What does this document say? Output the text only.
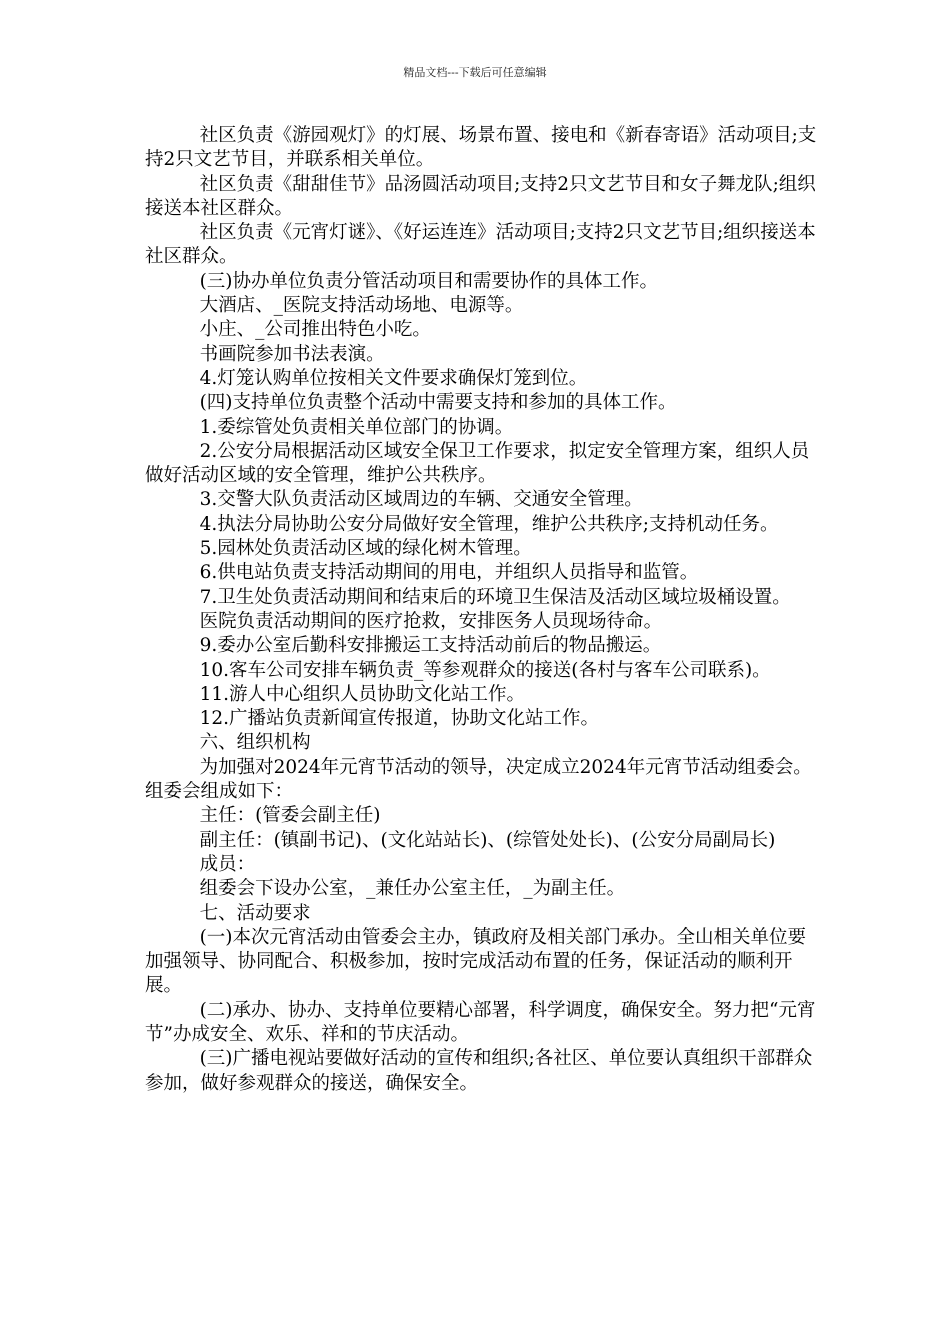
精品文档---下载后可任意编辑

社区负责《游园观灯》的灯展、场景布置、接电和《新春寄语》活动项目;支持2只文艺节目，并联系相关单位。

社区负责《甜甜佳节》品汤圆活动项目;支持2只文艺节目和女子舞龙队;组织接送本社区群众。

社区负责《元宵灯谜》、《好运连连》活动项目;支持2只文艺节目;组织接送本社区群众。

(三)协办单位负责分管活动项目和需要协作的具体工作。

大酒店、_医院支持活动场地、电源等。

小庄、_公司推出特色小吃。

书画院参加书法表演。

4.灯笼认购单位按相关文件要求确保灯笼到位。

(四)支持单位负责整个活动中需要支持和参加的具体工作。

1.委综管处负责相关单位部门的协调。

2.公安分局根据活动区域安全保卫工作要求，拟定安全管理方案，组织人员做好活动区域的安全管理，维护公共秩序。

3.交警大队负责活动区域周边的车辆、交通安全管理。

4.执法分局协助公安分局做好安全管理，维护公共秩序;支持机动任务。

5.园林处负责活动区域的绿化树木管理。

6.供电站负责支持活动期间的用电，并组织人员指导和监管。

7.卫生处负责活动期间和结束后的环境卫生保洁及活动区域垃圾桶设置。

医院负责活动期间的医疗抢救，安排医务人员现场待命。

9.委办公室后勤科安排搬运工支持活动前后的物品搬运。

10.客车公司安排车辆负责_等参观群众的接送(各村与客车公司联系)。

11.游人中心组织人员协助文化站工作。

12.广播站负责新闻宣传报道，协助文化站工作。

六、组织机构

为加强对2024年元宵节活动的领导，决定成立2024年元宵节活动组委会。组委会组成如下：

主任：(管委会副主任)

副主任：(镇副书记)、(文化站站长)、(综管处处长)、(公安分局副局长)

成员：

组委会下设办公室，_兼任办公室主任，_为副主任。

七、活动要求

(一)本次元宵活动由管委会主办，镇政府及相关部门承办。全山相关单位要加强领导、协同配合、积极参加，按时完成活动布置的任务，保证活动的顺利开展。

(二)承办、协办、支持单位要精心部署，科学调度，确保安全。努力把“元宵节”办成安全、欢乐、祥和的节庆活动。

(三)广播电视站要做好活动的宣传和组织;各社区、单位要认真组织干部群众参加，做好参观群众的接送，确保安全。
